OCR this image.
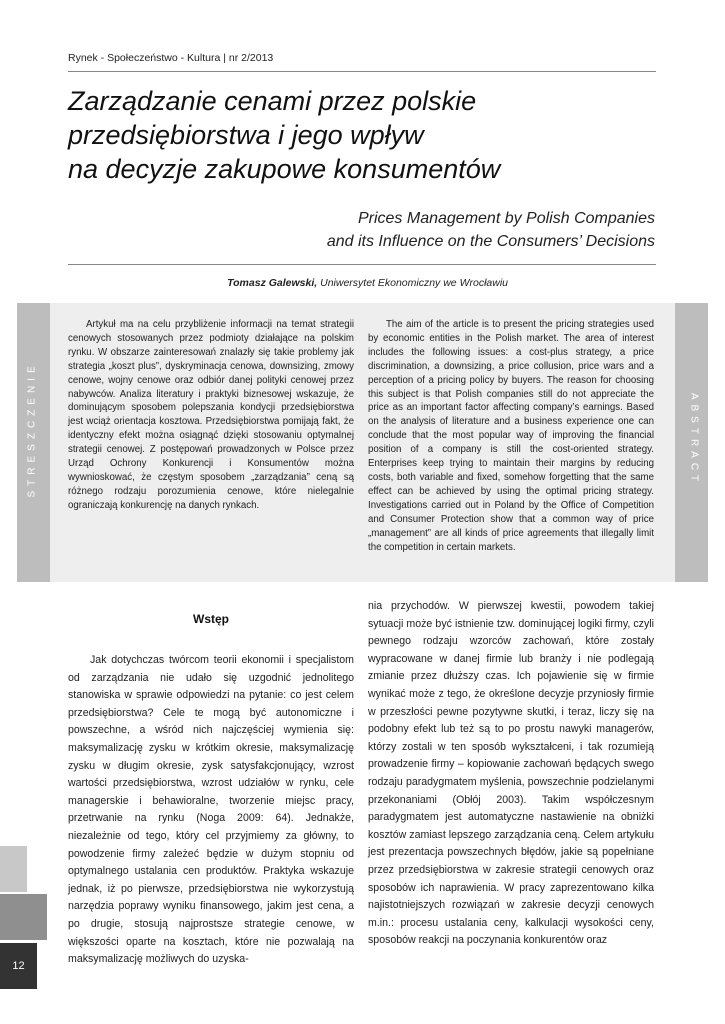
Rynek - Społeczeństwo - Kultura | nr 2/2013
Zarządzanie cenami przez polskie
przedsiębiorstwa i jego wpływ
na decyzje zakupowe konsumentów
Prices Management by Polish Companies
and its Influence on the Consumers’ Decisions
Tomasz Galewski, Uniwersytet Ekonomiczny we Wrocławiu
STRESZCZENIE	ABSTRACT

Artykuł ma na celu przybliżenie informacji na temat strategii cenowych stosowanych przez podmioty działające na polskim rynku. W obszarze zainteresowań znalazły się takie problemy jak strategia „koszt plus”, dyskryminacja cenowa, downsizing, zmowy cenowe, wojny cenowe oraz odbiór danej polityki cenowej przez nabywców. Analiza literatury i praktyki biznesowej wskazuje, że dominującym sposobem polepszania kondycji przedsiębiorstwa jest wciąż orientacja kosztowa. Przedsiębiorstwa pomijają fakt, że identyczny efekt można osiągnąć dzięki stosowaniu optymalnej strategii cenowej. Z postępowań prowadzonych w Polsce przez Urząd Ochrony Konkurencji i Konsumentów można wywnioskować, że częstym sposobem „zarządzania” ceną są różnego rodzaju porozumienia cenowe, które nielegalnie ograniczają konkurencję na danych rynkach.

The aim of the article is to present the pricing strategies used by economic entities in the Polish market. The area of interest includes the following issues: a cost-plus strategy, a price discrimination, a downsizing, a price collusion, price wars and a perception of a pricing policy by buyers. The reason for choosing this subject is that Polish companies still do not appreciate the price as an important factor affecting company’s earnings. Based on the analysis of literature and a business experience one can conclude that the most popular way of improving the financial position of a company is still the cost-oriented strategy. Enterprises keep trying to maintain their margins by reducing costs, both variable and fixed, somehow forgetting that the same effect can be achieved by using the optimal pricing strategy. Investigations carried out in Poland by the Office of Competition and Consumer Protection show that a common way of price „management” are all kinds of price agreements that illegally limit the competition in certain markets.

Wstęp

Jak dotychczas twórcom teorii ekonomii i specjalistom od zarządzania nie udało się uzgodnić jednolitego stanowiska w sprawie odpowiedzi na pytanie: co jest celem przedsiębiorstwa? Cele te mogą być autonomiczne i powszechne, a wśród nich najczęściej wymienia się: maksymalizację zysku w krótkim okresie, maksymalizację zysku w długim okresie, zysk satysfakcjonujący, wzrost wartości przedsiębiorstwa, wzrost udziałów w rynku, cele managerskie i behawioralne, tworzenie miejsc pracy, przetrwanie na rynku (Noga 2009: 64). Jednakże, niezależnie od tego, który cel przyjmiemy za główny, to powodzenie firmy zależeć będzie w dużym stopniu od optymalnego ustalania cen produktów. Praktyka wskazuje jednak, iż po pierwsze, przedsiębiorstwa nie wykorzystują narzędzia poprawy wyniku finansowego, jakim jest cena, a po drugie, stosują najprostsze strategie cenowe, w większości oparte na kosztach, które nie pozwalają na maksymalizację możliwych do uzyska-

nia przychodów. W pierwszej kwestii, powodem takiej sytuacji może być istnienie tzw. dominującej logiki firmy, czyli pewnego rodzaju wzorców zachowań, które zostały wypracowane w danej firmie lub branży i nie podlegają zmianie przez dłuższy czas. Ich pojawienie się w firmie wynikać może z tego, że określone decyzje przyniosły firmie w przeszłości pewne pozytywne skutki, i teraz, liczy się na podobny efekt lub też są to po prostu nawyki managerów, którzy zostali w ten sposób wykształceni, i tak rozumieją prowadzenie firmy – kopiowanie zachowań będących swego rodzaju paradygmatem myślenia, powszechnie podzielanymi przekonaniami (Obłój 2003). Takim współczesnym paradygmatem jest automatyczne nastawienie na obniżki kosztów zamiast lepszego zarządzania ceną. Celem artykułu jest prezentacja powszechnych błędów, jakie są popełniane przez przedsiębiorstwa w zakresie strategii cenowych oraz sposobów ich naprawienia. W pracy zaprezentowano kilka najistotniejszych rozwiązań w zakresie decyzji cenowych m.in.: procesu ustalania ceny, kalkulacji wysokości ceny, sposobów reakcji na poczynania konkurentów oraz

12
